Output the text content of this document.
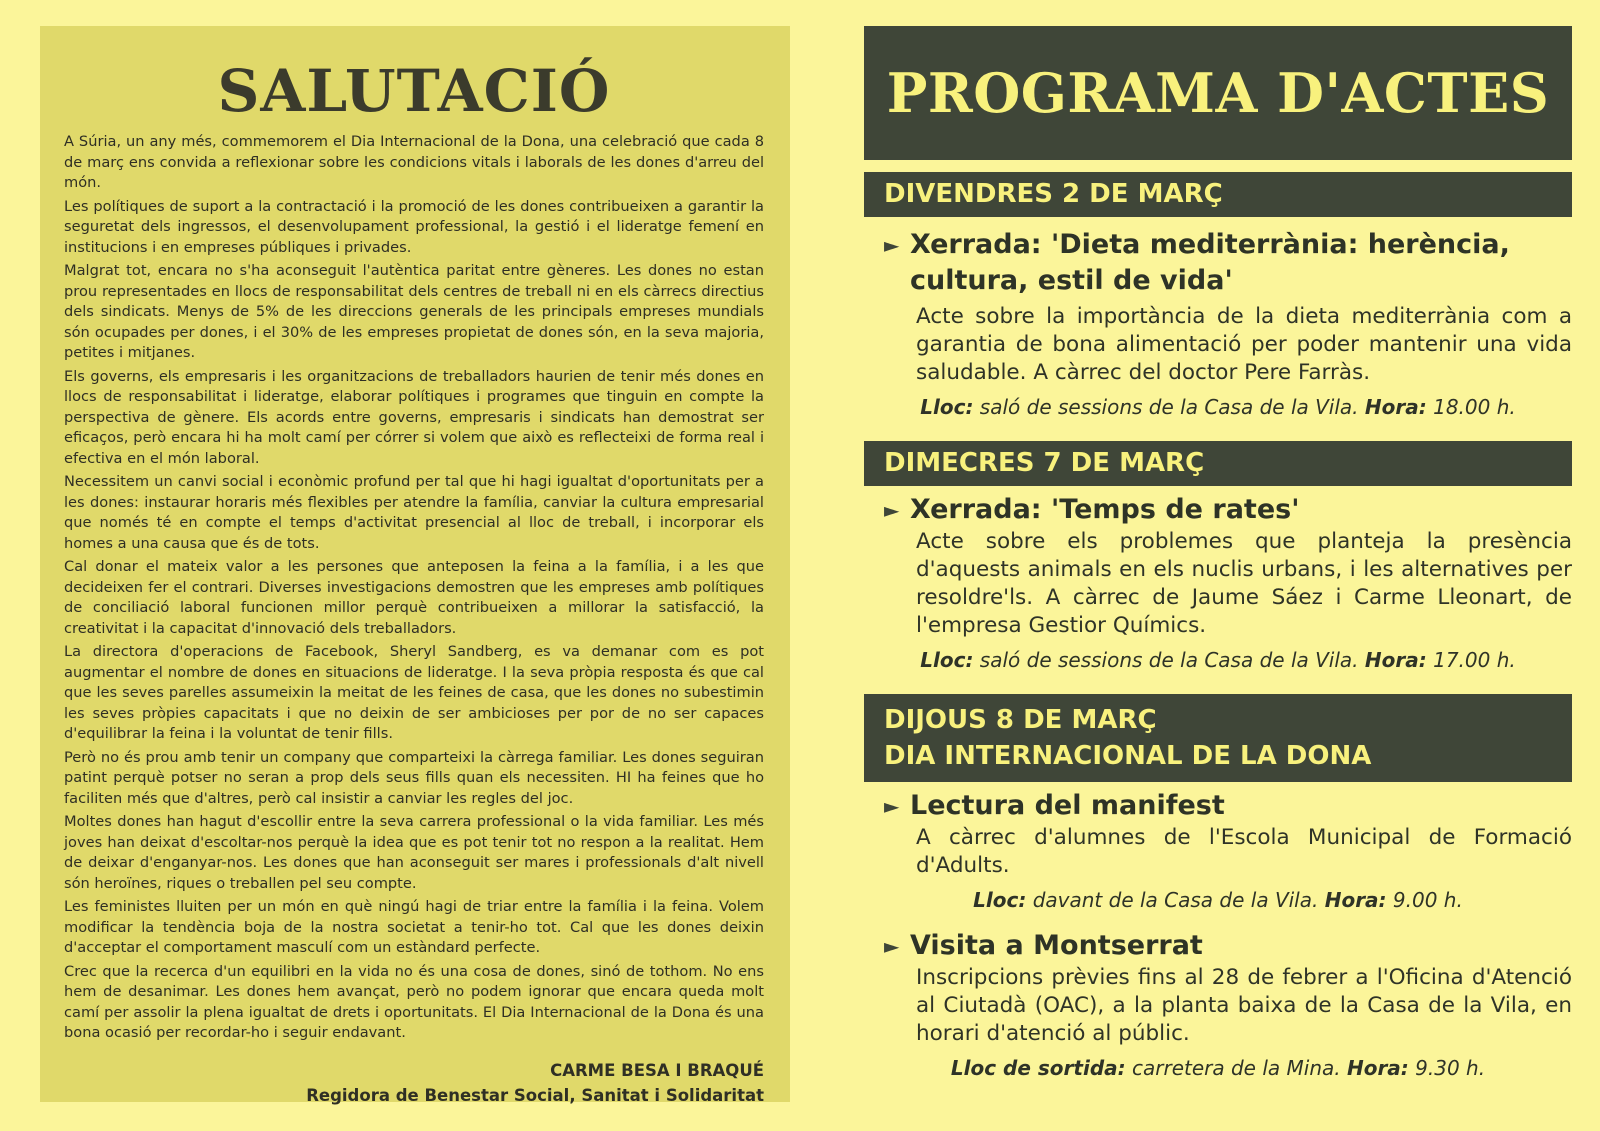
SALUTACIÓ

A Súria, un any més, commemorem el Dia Internacional de la Dona, una celebració que cada 8 de març ens convida a reflexionar sobre les condicions vitals i laborals de les dones d'arreu del món.

Les polítiques de suport a la contractació i la promoció de les dones contribueixen a garantir la seguretat dels ingressos, el desenvolupament professional, la gestió i el lideratge femení en institucions i en empreses públiques i privades.

Malgrat tot, encara no s'ha aconseguit l'autèntica paritat entre gèneres. Les dones no estan prou representades en llocs de responsabilitat dels centres de treball ni en els càrrecs directius dels sindicats. Menys de 5% de les direccions generals de les principals empreses mundials són ocupades per dones, i el 30% de les empreses propietat de dones són, en la seva majoria, petites i mitjanes.

Els governs, els empresaris i les organitzacions de treballadors haurien de tenir més dones en llocs de responsabilitat i lideratge, elaborar polítiques i programes que tinguin en compte la perspectiva de gènere. Els acords entre governs, empresaris i sindicats han demostrat ser eficaços, però encara hi ha molt camí per córrer si volem que això es reflecteixi de forma real i efectiva en el món laboral.

Necessitem un canvi social i econòmic profund per tal que hi hagi igualtat d'oportunitats per a les dones: instaurar horaris més flexibles per atendre la família, canviar la cultura empresarial que només té en compte el temps d'activitat presencial al lloc de treball, i incorporar els homes a una causa que és de tots.

Cal donar el mateix valor a les persones que anteposen la feina a la família, i a les que decideixen fer el contrari. Diverses investigacions demostren que les empreses amb polítiques de conciliació laboral funcionen millor perquè contribueixen a millorar la satisfacció, la creativitat i la capacitat d'innovació dels treballadors.

La directora d'operacions de Facebook, Sheryl Sandberg, es va demanar com es pot augmentar el nombre de dones en situacions de lideratge. I la seva pròpia resposta és que cal que les seves parelles assumeixin la meitat de les feines de casa, que les dones no subestimin les seves pròpies capacitats i que no deixin de ser ambicioses per por de no ser capaces d'equilibrar la feina i la voluntat de tenir fills.

Però no és prou amb tenir un company que comparteixi la càrrega familiar. Les dones seguiran patint perquè potser no seran a prop dels seus fills quan els necessiten. HI ha feines que ho faciliten més que d'altres, però cal insistir a canviar les regles del joc.

Moltes dones han hagut d'escollir entre la seva carrera professional o la vida familiar. Les més joves han deixat d'escoltar-nos perquè la idea que es pot tenir tot no respon a la realitat. Hem de deixar d'enganyar-nos. Les dones que han aconseguit ser mares i professionals d'alt nivell són heroïnes, riques o treballen pel seu compte.

Les feministes lluiten per un món en què ningú hagi de triar entre la família i la feina. Volem modificar la tendència boja de la nostra societat a tenir-ho tot. Cal que les dones deixin d'acceptar el comportament masculí com un estàndard perfecte.

Crec que la recerca d'un equilibri en la vida no és una cosa de dones, sinó de tothom. No ens hem de desanimar. Les dones hem avançat, però no podem ignorar que encara queda molt camí per assolir la plena igualtat de drets i oportunitats. El Dia Internacional de la Dona és una bona ocasió per recordar-ho i seguir endavant.

CARME BESA I BRAQUÉ
Regidora de Benestar Social, Sanitat i Solidaritat
PROGRAMA D'ACTES
DIVENDRES 2 DE MARÇ
► Xerrada: 'Dieta mediterrània: herència,
cultura, estil de vida'
Acte sobre la importància de la dieta mediterrània com a garantia de bona alimentació per poder mantenir una vida saludable. A càrrec del doctor Pere Farràs.
Lloc: saló de sessions de la Casa de la Vila. Hora: 18.00 h.
DIMECRES 7 DE MARÇ
► Xerrada: 'Temps de rates'
Acte sobre els problemes que planteja la presència d'aquests animals en els nuclis urbans, i les alternatives per resoldre'ls. A càrrec de Jaume Sáez i Carme Lleonart, de l'empresa Gestior Químics.
Lloc: saló de sessions de la Casa de la Vila. Hora: 17.00 h.
DIJOUS 8 DE MARÇ
DIA INTERNACIONAL DE LA DONA
► Lectura del manifest
A càrrec d'alumnes de l'Escola Municipal de Formació d'Adults.
Lloc: davant de la Casa de la Vila. Hora: 9.00 h.
► Visita a Montserrat
Inscripcions prèvies fins al 28 de febrer a l'Oficina d'Atenció al Ciutadà (OAC), a la planta baixa de la Casa de la Vila, en horari d'atenció al públic.
Lloc de sortida: carretera de la Mina. Hora: 9.30 h.
